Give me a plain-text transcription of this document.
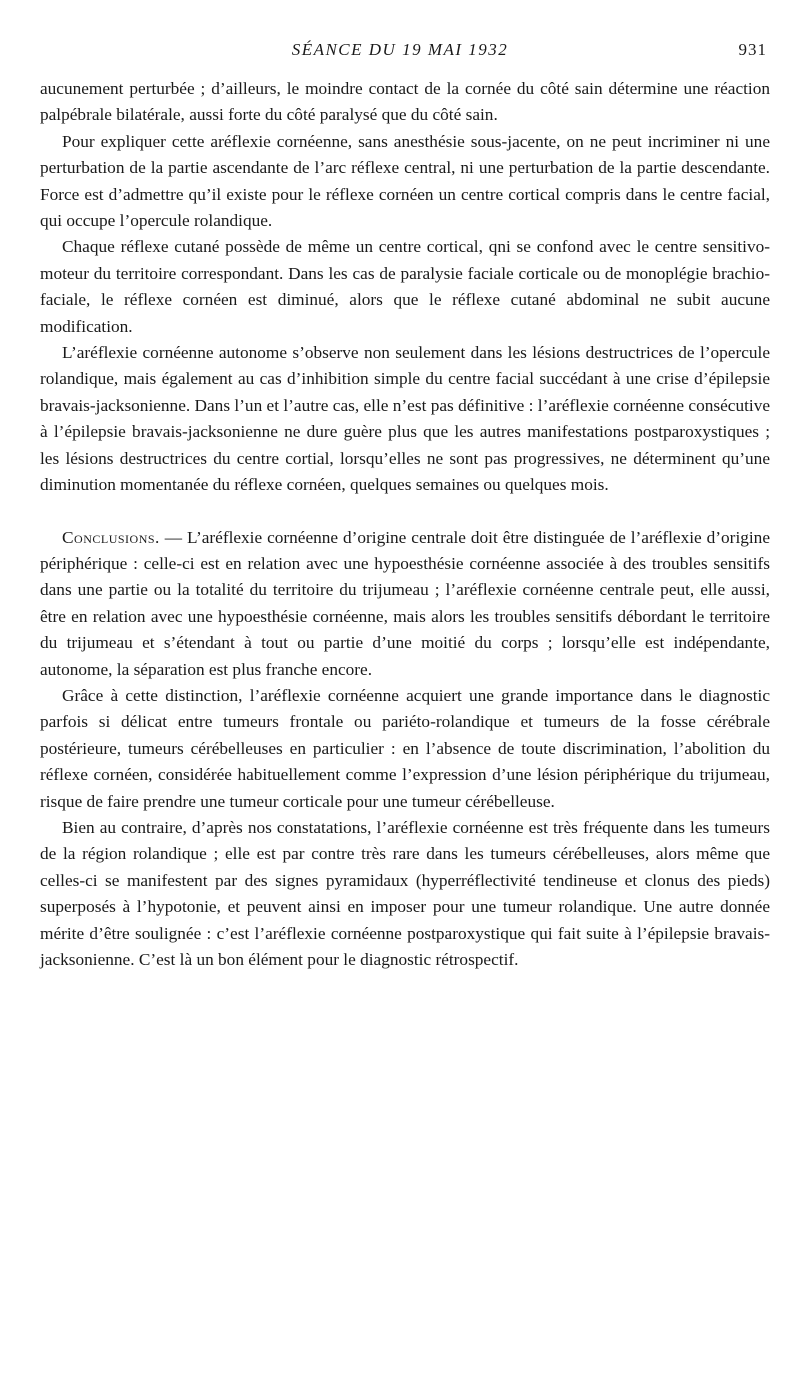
SÉANCE DU 19 MAI 1932	931

aucunement perturbée ; d’ailleurs, le moindre contact de la cornée du côté sain détermine une réaction palpébrale bilatérale, aussi forte du côté paralysé que du côté sain.

Pour expliquer cette aréflexie cornéenne, sans anesthésie sous-jacente, on ne peut incriminer ni une perturbation de la partie ascendante de l’arc réflexe central, ni une perturbation de la partie descendante. Force est d’admettre qu’il existe pour le réflexe cornéen un centre cortical compris dans le centre facial, qui occupe l’opercule rolandique.

Chaque réflexe cutané possède de même un centre cortical, qni se confond avec le centre sensitivo-moteur du territoire correspondant. Dans les cas de paralysie faciale corticale ou de monoplégie brachio-faciale, le réflexe cornéen est diminué, alors que le réflexe cutané abdominal ne subit aucune modification.

L’aréflexie cornéenne autonome s’observe non seulement dans les lésions destructrices de l’opercule rolandique, mais également au cas d’inhibition simple du centre facial succédant à une crise d’épilepsie bravais-jacksonienne. Dans l’un et l’autre cas, elle n’est pas définitive : l’aréflexie cornéenne consécutive à l’épilepsie bravais-jacksonienne ne dure guère plus que les autres manifestations postparoxystiques ; les lésions destructrices du centre cortial, lorsqu’elles ne sont pas progressives, ne déterminent qu’une diminution momentanée du réflexe cornéen, quelques semaines ou quelques mois.

Conclusions. — L’aréflexie cornéenne d’origine centrale doit être distinguée de l’aréflexie d’origine périphérique : celle-ci est en relation avec une hypoesthésie cornéenne associée à des troubles sensitifs dans une partie ou la totalité du territoire du trijumeau ; l’aréflexie cornéenne centrale peut, elle aussi, être en relation avec une hypoesthésie cornéenne, mais alors les troubles sensitifs débordant le territoire du trijumeau et s’étendant à tout ou partie d’une moitié du corps ; lorsqu’elle est indépendante, autonome, la séparation est plus franche encore.

Grâce à cette distinction, l’aréflexie cornéenne acquiert une grande importance dans le diagnostic parfois si délicat entre tumeurs frontale ou pariéto-rolandique et tumeurs de la fosse cérébrale postérieure, tumeurs cérébelleuses en particulier : en l’absence de toute discrimination, l’abolition du réflexe cornéen, considérée habituellement comme l’expression d’une lésion périphérique du trijumeau, risque de faire prendre une tumeur corticale pour une tumeur cérébelleuse.

Bien au contraire, d’après nos constatations, l’aréflexie cornéenne est très fréquente dans les tumeurs de la région rolandique ; elle est par contre très rare dans les tumeurs cérébelleuses, alors même que celles-ci se manifestent par des signes pyramidaux (hyperréflectivité tendineuse et clonus des pieds) superposés à l’hypotonie, et peuvent ainsi en imposer pour une tumeur rolandique. Une autre donnée mérite d’être soulignée : c’est l’aréflexie cornéenne postparoxystique qui fait suite à l’épilepsie bravais-jacksonienne. C’est là un bon élément pour le diagnostic rétrospectif.
